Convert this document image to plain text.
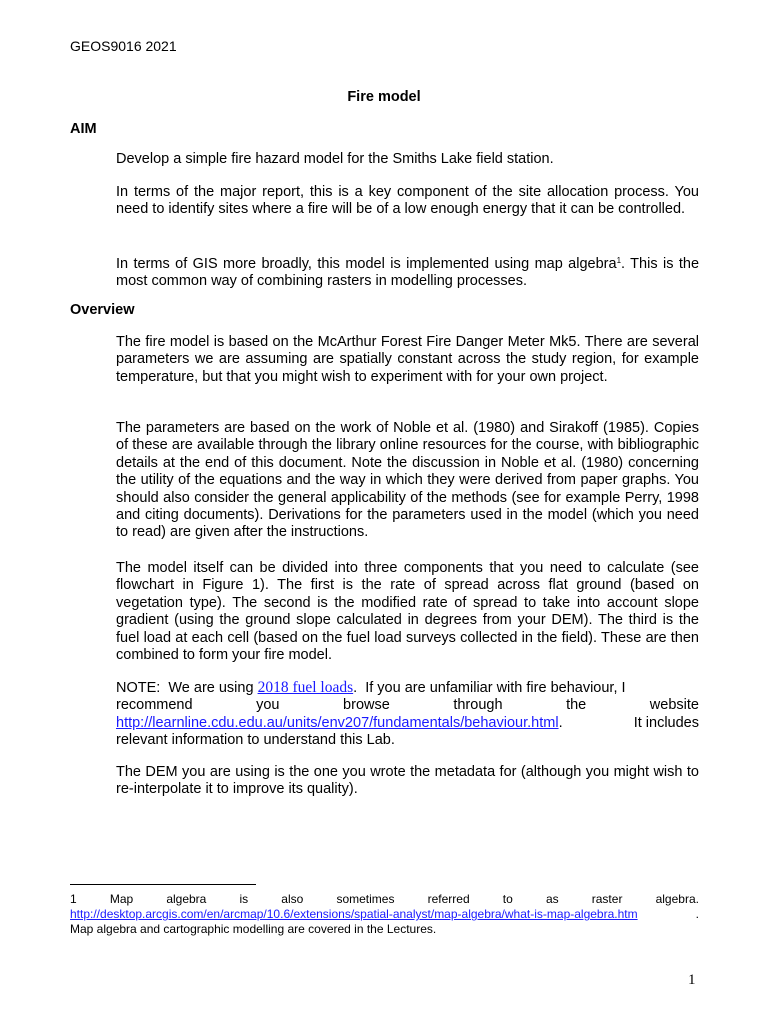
GEOS9016 2021
Fire model
AIM
Develop a simple fire hazard model for the Smiths Lake field station.
In terms of the major report, this is a key component of the site allocation process. You need to identify sites where a fire will be of a low enough energy that it can be controlled.
In terms of GIS more broadly, this model is implemented using map algebra$^1$. This is the most common way of combining rasters in modelling processes.
Overview
The fire model is based on the McArthur Forest Fire Danger Meter Mk5. There are several parameters we are assuming are spatially constant across the study region, for example temperature, but that you might wish to experiment with for your own project.
The parameters are based on the work of Noble et al. (1980) and Sirakoff (1985). Copies of these are available through the library online resources for the course, with bibliographic details at the end of this document. Note the discussion in Noble et al. (1980) concerning the utility of the equations and the way in which they were derived from paper graphs. You should also consider the general applicability of the methods (see for example Perry, 1998 and citing documents). Derivations for the parameters used in the model (which you need to read) are given after the instructions.
The model itself can be divided into three components that you need to calculate (see flowchart in Figure 1). The first is the rate of spread across flat ground (based on vegetation type). The second is the modified rate of spread to take into account slope gradient (using the ground slope calculated in degrees from your DEM). The third is the fuel load at each cell (based on the fuel load surveys collected in the field). These are then combined to form your fire model.
NOTE:  We are using 2018 fuel loads.  If you are unfamiliar with fire behaviour, I
recommend	you	browse	through	the	website
http://learnline.cdu.edu.au/units/env207/fundamentals/behaviour.html.	It includes
relevant information to understand this Lab.
The DEM you are using is the one you wrote the metadata for (although you might wish to re-interpolate it to improve its quality).
1	Map	algebra	is	also	sometimes	referred	to	as	raster	algebra.
http://desktop.arcgis.com/en/arcmap/10.6/extensions/spatial-analyst/map-algebra/what-is-map-algebra.htm	.
Map algebra and cartographic modelling are covered in the Lectures.
1
